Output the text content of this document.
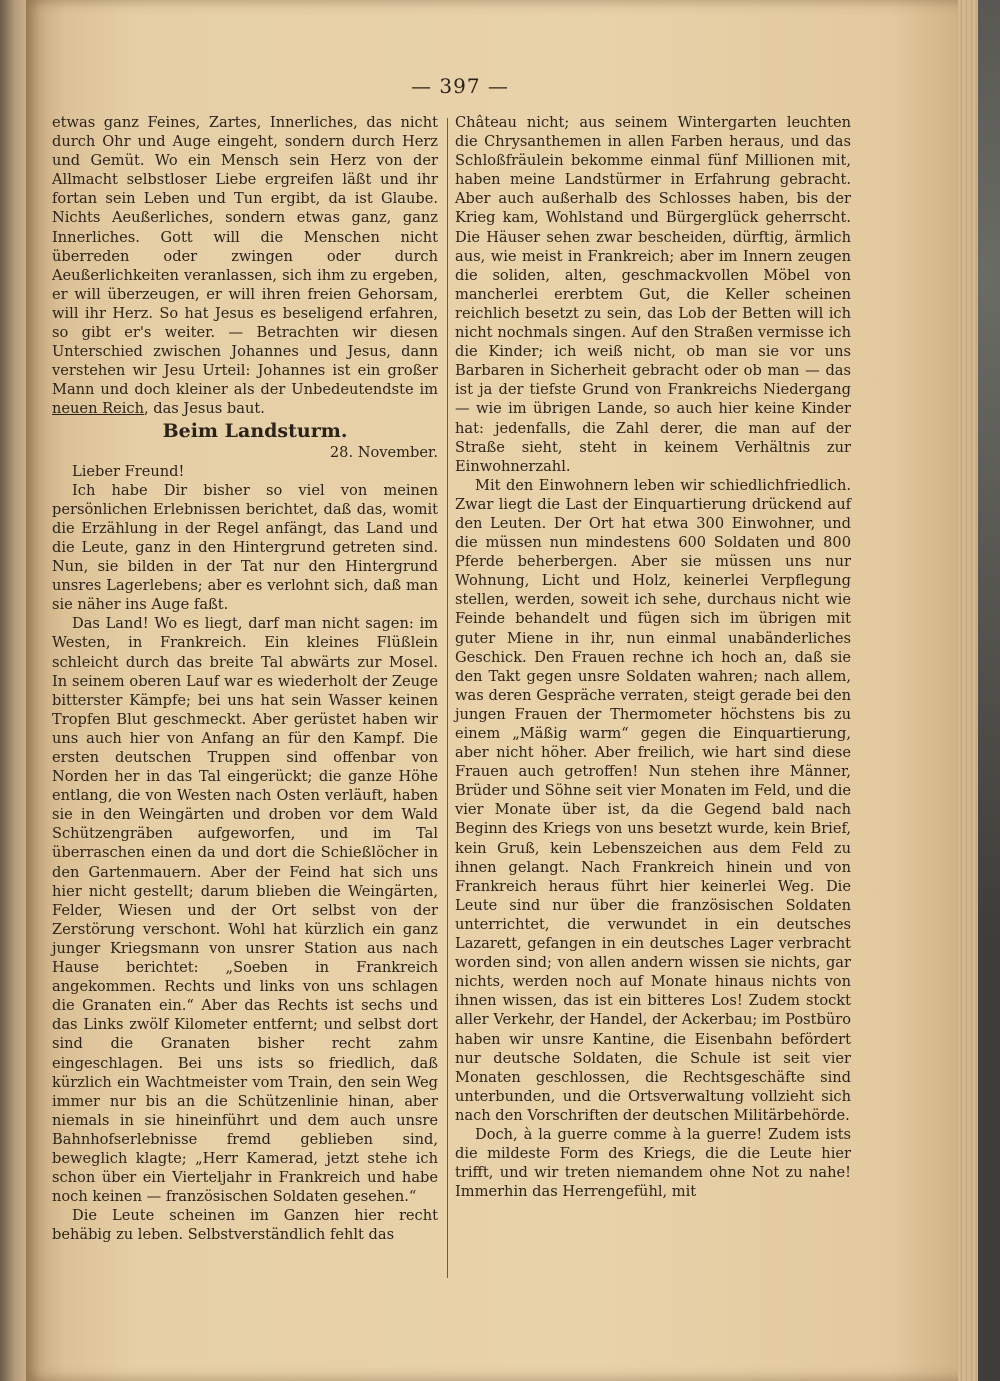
— 397 —

etwas ganz Feines, Zartes, Innerliches, das nicht durch Ohr und Auge eingeht, sondern durch Herz und Gemüt. Wo ein Mensch sein Herz von der Allmacht selbstloser Liebe ergreifen läßt und ihr fortan sein Leben und Tun ergibt, da ist Glaube. Nichts Aeußerliches, sondern etwas ganz, ganz Innerliches. Gott will die Menschen nicht überreden oder zwingen oder durch Aeußerlichkeiten veranlassen, sich ihm zu ergeben, er will überzeugen, er will ihren freien Gehorsam, will ihr Herz. So hat Jesus es beseligend erfahren, so gibt er's weiter. — Betrachten wir diesen Unterschied zwischen Johannes und Jesus, dann verstehen wir Jesu Urteil: Johannes ist ein großer Mann und doch kleiner als der Unbedeutendste im neuen Reich, das Jesus baut.

Beim Landsturm.

28. November.

Lieber Freund!

Ich habe Dir bisher so viel von meinen persönlichen Erlebnissen berichtet, daß das, womit die Erzählung in der Regel anfängt, das Land und die Leute, ganz in den Hintergrund getreten sind. Nun, sie bilden in der Tat nur den Hintergrund unsres Lagerlebens; aber es verlohnt sich, daß man sie näher ins Auge faßt.

Das Land! Wo es liegt, darf man nicht sagen: im Westen, in Frankreich. Ein kleines Flüßlein schleicht durch das breite Tal abwärts zur Mosel. In seinem oberen Lauf war es wiederholt der Zeuge bitterster Kämpfe; bei uns hat sein Wasser keinen Tropfen Blut geschmeckt. Aber gerüstet haben wir uns auch hier von Anfang an für den Kampf. Die ersten deutschen Truppen sind offenbar von Norden her in das Tal eingerückt; die ganze Höhe entlang, die von Westen nach Osten verläuft, haben sie in den Weingärten und droben vor dem Wald Schützengräben aufgeworfen, und im Tal überraschen einen da und dort die Schießlöcher in den Gartenmauern. Aber der Feind hat sich uns hier nicht gestellt; darum blieben die Weingärten, Felder, Wiesen und der Ort selbst von der Zerstörung verschont. Wohl hat kürzlich ein ganz junger Kriegsmann von unsrer Station aus nach Hause berichtet: „Soeben in Frankreich angekommen. Rechts und links von uns schlagen die Granaten ein.“ Aber das Rechts ist sechs und das Links zwölf Kilometer entfernt; und selbst dort sind die Granaten bisher recht zahm eingeschlagen. Bei uns ists so friedlich, daß kürzlich ein Wachtmeister vom Train, den sein Weg immer nur bis an die Schützenlinie hinan, aber niemals in sie hineinführt und dem auch unsre Bahnhofserlebnisse fremd geblieben sind, beweglich klagte; „Herr Kamerad, jetzt stehe ich schon über ein Vierteljahr in Frankreich und habe noch keinen — französischen Soldaten gesehen.“

Die Leute scheinen im Ganzen hier recht behäbig zu leben. Selbstverständlich fehlt das

Château nicht; aus seinem Wintergarten leuchten die Chrysanthemen in allen Farben heraus, und das Schloßfräulein bekomme einmal fünf Millionen mit, haben meine Landstürmer in Erfahrung gebracht. Aber auch außerhalb des Schlosses haben, bis der Krieg kam, Wohlstand und Bürgerglück geherrscht. Die Häuser sehen zwar bescheiden, dürftig, ärmlich aus, wie meist in Frankreich; aber im Innern zeugen die soliden, alten, geschmackvollen Möbel von mancherlei ererbtem Gut, die Keller scheinen reichlich besetzt zu sein, das Lob der Betten will ich nicht nochmals singen. Auf den Straßen vermisse ich die Kinder; ich weiß nicht, ob man sie vor uns Barbaren in Sicherheit gebracht oder ob man — das ist ja der tiefste Grund von Frankreichs Niedergang — wie im übrigen Lande, so auch hier keine Kinder hat: jedenfalls, die Zahl derer, die man auf der Straße sieht, steht in keinem Verhältnis zur Einwohnerzahl.

Mit den Einwohnern leben wir schiedlichfriedlich. Zwar liegt die Last der Einquartierung drückend auf den Leuten. Der Ort hat etwa 300 Einwohner, und die müssen nun mindestens 600 Soldaten und 800 Pferde beherbergen. Aber sie müssen uns nur Wohnung, Licht und Holz, keinerlei Verpflegung stellen, werden, soweit ich sehe, durchaus nicht wie Feinde behandelt und fügen sich im übrigen mit guter Miene in ihr, nun einmal unabänderliches Geschick. Den Frauen rechne ich hoch an, daß sie den Takt gegen unsre Soldaten wahren; nach allem, was deren Gespräche verraten, steigt gerade bei den jungen Frauen der Thermometer höchstens bis zu einem „Mäßig warm“ gegen die Einquartierung, aber nicht höher. Aber freilich, wie hart sind diese Frauen auch getroffen! Nun stehen ihre Männer, Brüder und Söhne seit vier Monaten im Feld, und die vier Monate über ist, da die Gegend bald nach Beginn des Kriegs von uns besetzt wurde, kein Brief, kein Gruß, kein Lebenszeichen aus dem Feld zu ihnen gelangt. Nach Frankreich hinein und von Frankreich heraus führt hier keinerlei Weg. Die Leute sind nur über die französischen Soldaten unterrichtet, die verwundet in ein deutsches Lazarett, gefangen in ein deutsches Lager verbracht worden sind; von allen andern wissen sie nichts, gar nichts, werden noch auf Monate hinaus nichts von ihnen wissen, das ist ein bitteres Los! Zudem stockt aller Verkehr, der Handel, der Ackerbau; im Postbüro haben wir unsre Kantine, die Eisenbahn befördert nur deutsche Soldaten, die Schule ist seit vier Monaten geschlossen, die Rechtsgeschäfte sind unterbunden, und die Ortsverwaltung vollzieht sich nach den Vorschriften der deutschen Militärbehörde.

Doch, à la guerre comme à la guerre! Zudem ists die mildeste Form des Kriegs, die die Leute hier trifft, und wir treten niemandem ohne Not zu nahe! Immerhin das Herrengefühl, mit
